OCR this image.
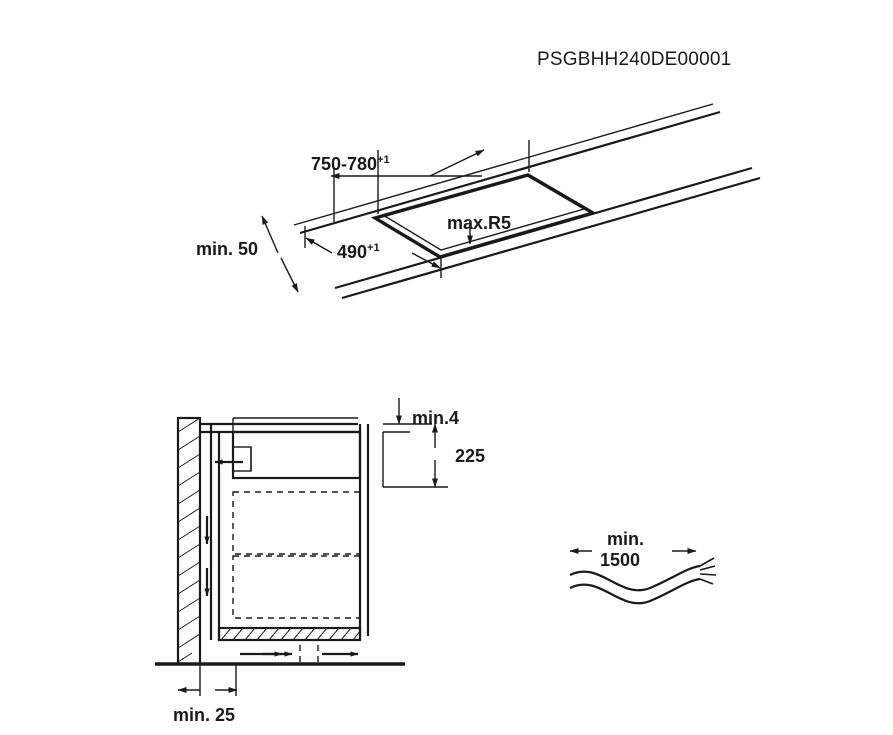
PSGBHH240DE00001
$750-780^{+1}$
min. 50	$490^{+1}$
max.R5
min.4
225
min. 25
min.
1500
